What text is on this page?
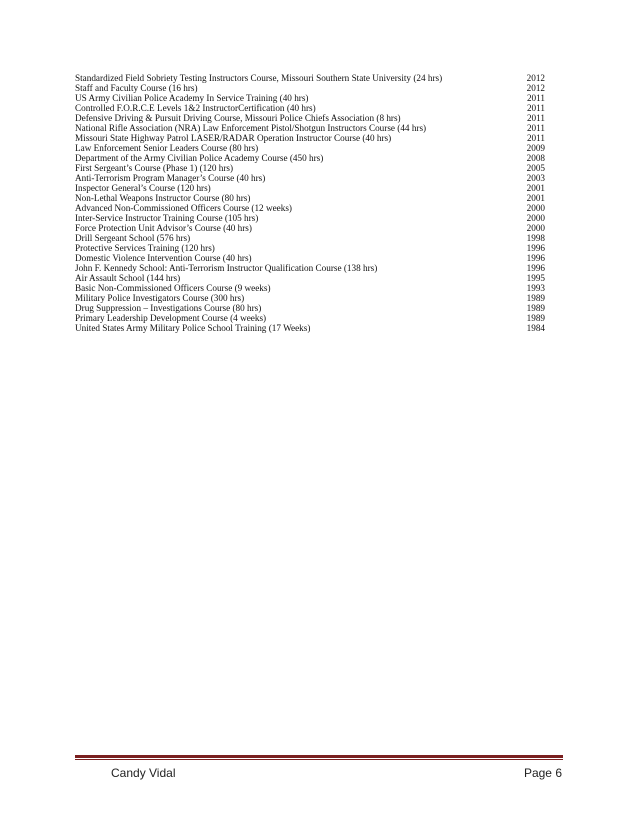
Standardized Field Sobriety Testing Instructors Course, Missouri Southern State University (24 hrs)	2012
Staff and Faculty Course (16 hrs)	2012
US Army Civilian Police Academy In Service Training (40 hrs)	2011
Controlled F.O.R.C.E Levels 1&2 InstructorCertification (40 hrs)	2011
Defensive Driving & Pursuit Driving Course, Missouri Police Chiefs Association (8 hrs)	2011
National Rifle Association (NRA) Law Enforcement Pistol/Shotgun Instructors Course (44 hrs)	2011
Missouri State Highway Patrol LASER/RADAR Operation Instructor Course (40 hrs)	2011
Law Enforcement Senior Leaders Course (80 hrs)	2009
Department of the Army Civilian Police Academy Course (450 hrs)	2008
First Sergeant’s Course (Phase 1) (120 hrs)	2005
Anti-Terrorism Program Manager’s Course (40 hrs)	2003
Inspector General’s Course (120 hrs)	2001
Non-Lethal Weapons Instructor Course (80 hrs)	2001
Advanced Non-Commissioned Officers Course (12 weeks)	2000
Inter-Service Instructor Training Course (105 hrs)	2000
Force Protection Unit Advisor’s Course (40 hrs)	2000
Drill Sergeant School (576 hrs)	1998
Protective Services Training (120 hrs)	1996
Domestic Violence Intervention Course (40 hrs)	1996
John F. Kennedy School: Anti-Terrorism Instructor Qualification Course (138 hrs)	1996
Air Assault School (144 hrs)	1995
Basic Non-Commissioned Officers Course (9 weeks)	1993
Military Police Investigators Course (300 hrs)	1989
Drug Suppression – Investigations Course (80 hrs)	1989
Primary Leadership Development Course (4 weeks)	1989
United States Army Military Police School Training (17 Weeks)	1984
Candy Vidal	Page 6
